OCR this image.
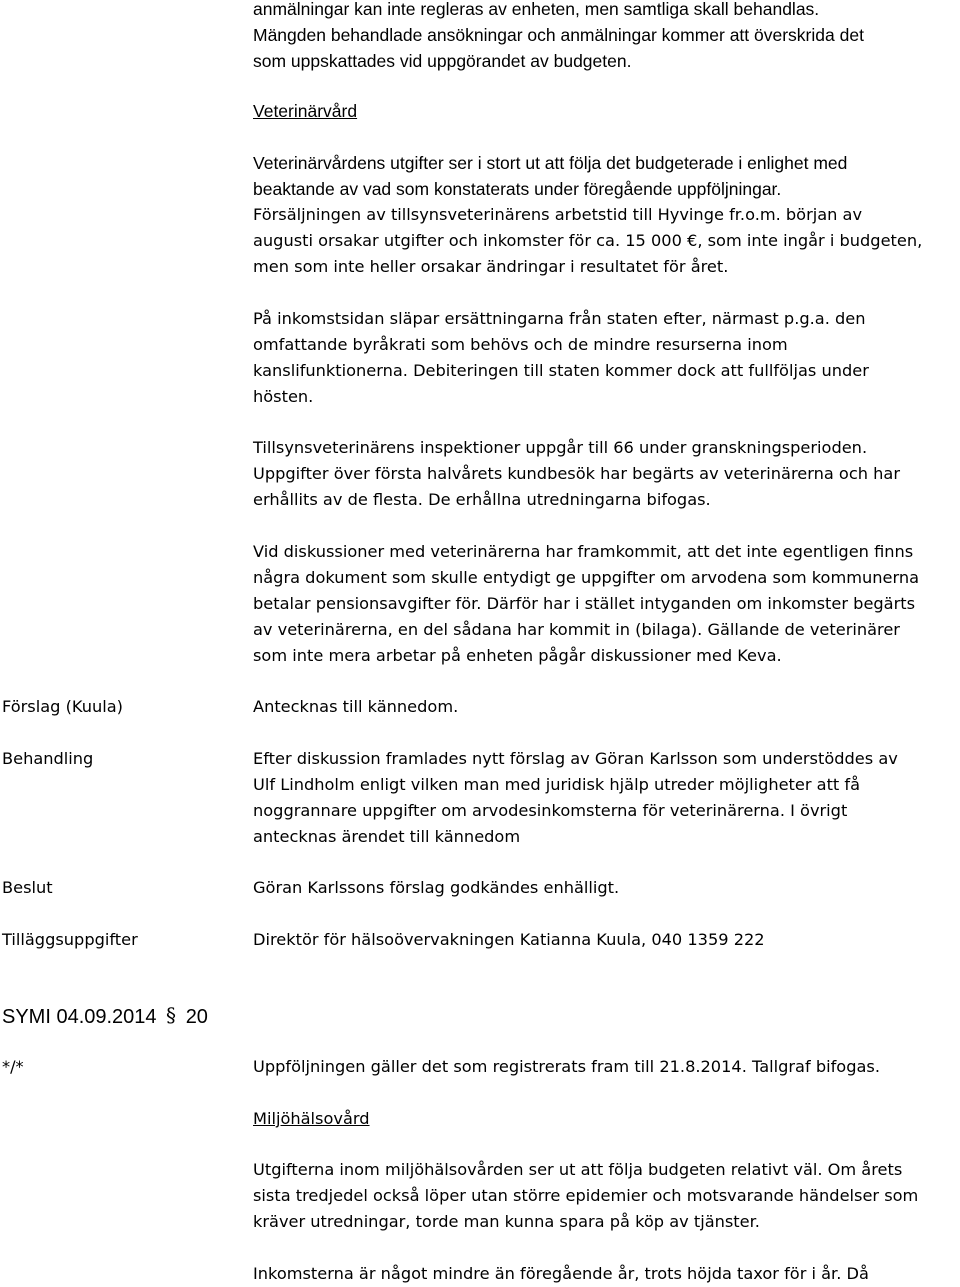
anmälningar kan inte regleras av enheten, men samtliga skall behandlas.
Mängden behandlade ansökningar och anmälningar kommer att överskrida det
som uppskattades vid uppgörandet av budgeten.
Veterinärvård
Veterinärvårdens utgifter ser i stort ut att följa det budgeterade i enlighet med
beaktande av vad som konstaterats under föregående uppföljningar.
Försäljningen av tillsynsveterinärens arbetstid till Hyvinge fr.o.m. början av
augusti orsakar utgifter och inkomster för ca. 15 000 €, som inte ingår i budgeten,
men som inte heller orsakar ändringar i resultatet för året.
På inkomstsidan släpar ersättningarna från staten efter, närmast p.g.a. den
omfattande byråkrati som behövs och de mindre resurserna inom
kanslifunktionerna. Debiteringen till staten kommer dock att fullföljas under
hösten.
Tillsynsveterinärens inspektioner uppgår till 66 under granskningsperioden.
Uppgifter över första halvårets kundbesök har begärts av veterinärerna och har
erhållits av de flesta. De erhållna utredningarna bifogas.
Vid diskussioner med veterinärerna har framkommit, att det inte egentligen finns
några dokument som skulle entydigt ge uppgifter om arvodena som kommunerna
betalar pensionsavgifter för. Därför har i stället intyganden om inkomster begärts
av veterinärerna, en del sådana har kommit in (bilaga). Gällande de veterinärer
som inte mera arbetar på enheten pågår diskussioner med Keva.
Förslag (Kuula)	Antecknas till kännedom.
Behandling	Efter diskussion framlades nytt förslag av Göran Karlsson som understöddes av
Ulf Lindholm enligt vilken man med juridisk hjälp utreder möjligheter att få
noggrannare uppgifter om arvodesinkomsterna för veterinärerna. I övrigt
antecknas ärendet till kännedom
Beslut	Göran Karlssons förslag godkändes enhälligt.
Tilläggsuppgifter	Direktör för hälsoövervakningen Katianna Kuula, 040 1359 222
SYMI 04.09.2014 § 20
*/*	Uppföljningen gäller det som registrerats fram till 21.8.2014. Tallgraf bifogas.
Miljöhälsovård
Utgifterna inom miljöhälsovården ser ut att följa budgeten relativt väl. Om årets
sista tredjedel också löper utan större epidemier och motsvarande händelser som
kräver utredningar, torde man kunna spara på köp av tjänster.
Inkomsterna är något mindre än föregående år, trots höjda taxor för i år. Då
